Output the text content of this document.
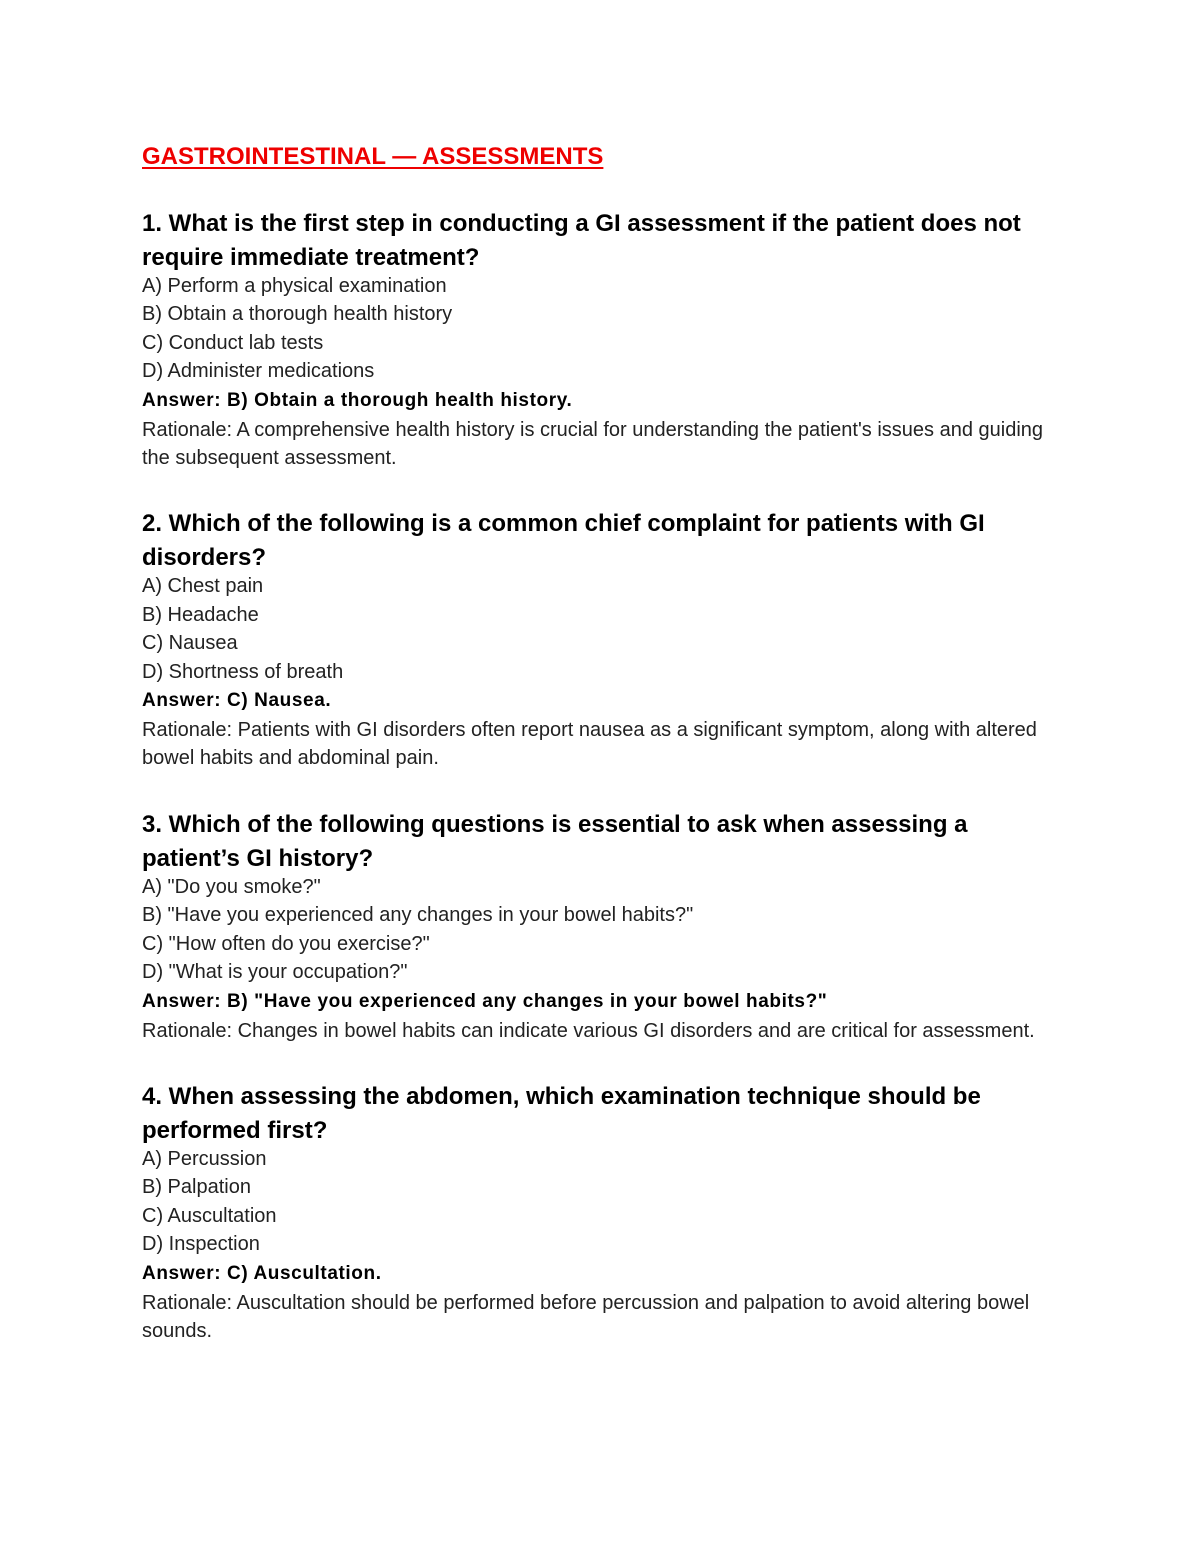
GASTROINTESTINAL — ASSESSMENTS

1. What is the first step in conducting a GI assessment if the patient does not require immediate treatment?

A) Perform a physical examination

B) Obtain a thorough health history

C) Conduct lab tests

D) Administer medications

Answer: B) Obtain a thorough health history.

Rationale: A comprehensive health history is crucial for understanding the patient's issues and guiding the subsequent assessment.

2. Which of the following is a common chief complaint for patients with GI disorders?

A) Chest pain

B) Headache

C) Nausea

D) Shortness of breath

Answer: C) Nausea.

Rationale: Patients with GI disorders often report nausea as a significant symptom, along with altered bowel habits and abdominal pain.

3. Which of the following questions is essential to ask when assessing a patient’s GI history?

A) "Do you smoke?"

B) "Have you experienced any changes in your bowel habits?"

C) "How often do you exercise?"

D) "What is your occupation?"

Answer: B) "Have you experienced any changes in your bowel habits?"

Rationale: Changes in bowel habits can indicate various GI disorders and are critical for assessment.

4. When assessing the abdomen, which examination technique should be performed first?

A) Percussion

B) Palpation

C) Auscultation

D) Inspection

Answer: C) Auscultation.

Rationale: Auscultation should be performed before percussion and palpation to avoid altering bowel sounds.
